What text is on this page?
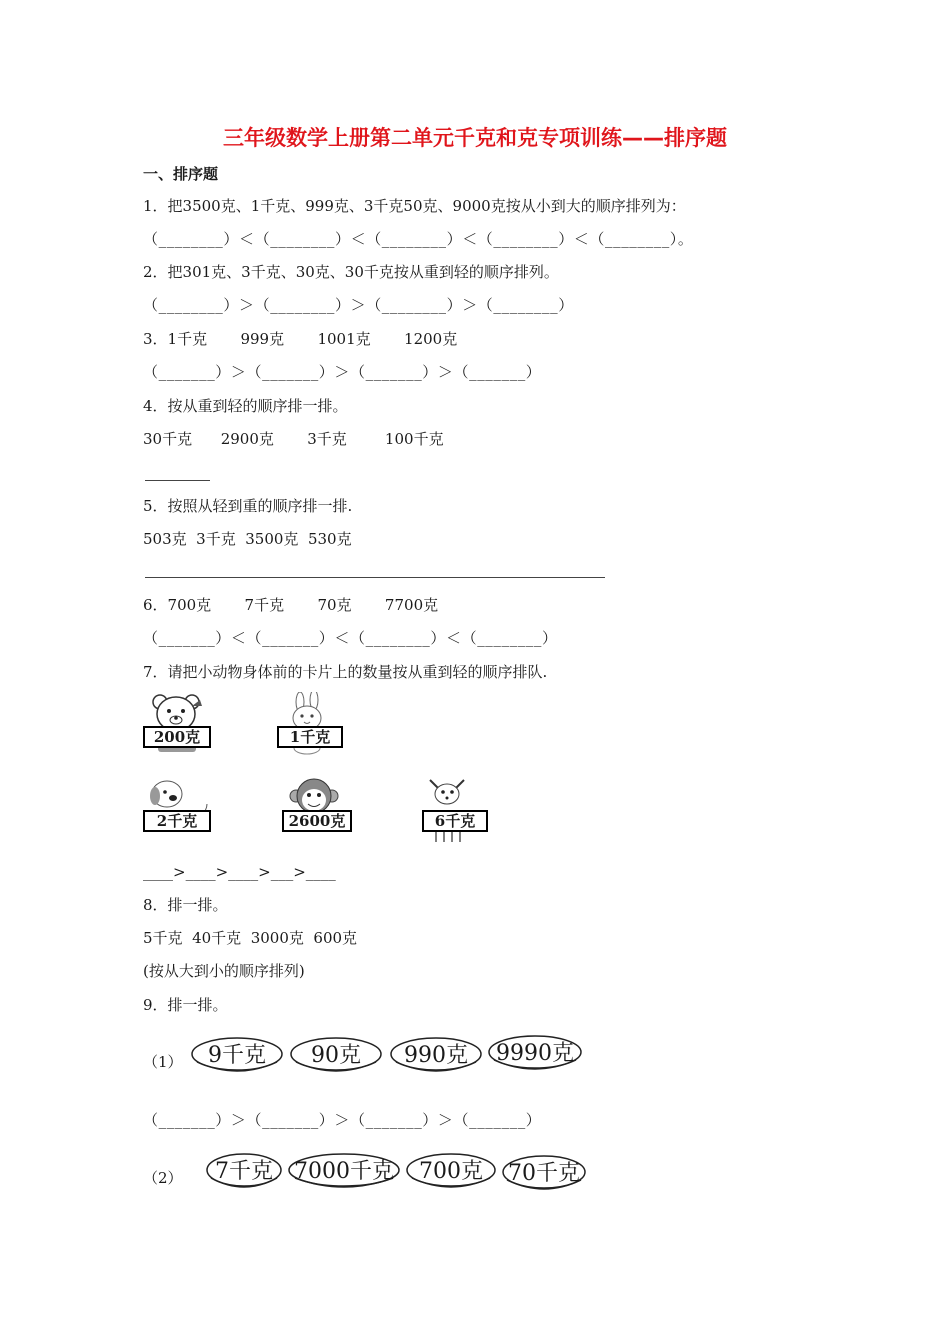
三年级数学上册第二单元千克和克专项训练——排序题
一、排序题
1．把3500克、1千克、999克、3千克50克、9000克按从小到大的顺序排列为：
（________）＜（________）＜（________）＜（________）＜（________）。
2．把301克、3千克、30克、30千克按从重到轻的顺序排列。
（________）＞（________）＞（________）＞（________）
3．1千克       999克       1001克       1200克
（_______）＞（_______）＞（_______）＞（_______）
4．按从重到轻的顺序排一排。
30千克      2900克       3千克        100千克
5．按照从轻到重的顺序排一排.
503克  3千克  3500克  530克
6．700克       7千克       70克       7700克
（_______）＜（_______）＜（________）＜（________）
7．请把小动物身体前的卡片上的数量按从重到轻的顺序排队.
200克	1千克
2千克	2600克	6千克
____>____>____>___>____
8．排一排。
5千克  40千克  3000克  600克
(按从大到小的顺序排列)
9．排一排。
（1）	9千克	90克	990克	9990克
（_______）＞（_______）＞（_______）＞（_______）
（2）	7千克 7000千克	700克	70千克
